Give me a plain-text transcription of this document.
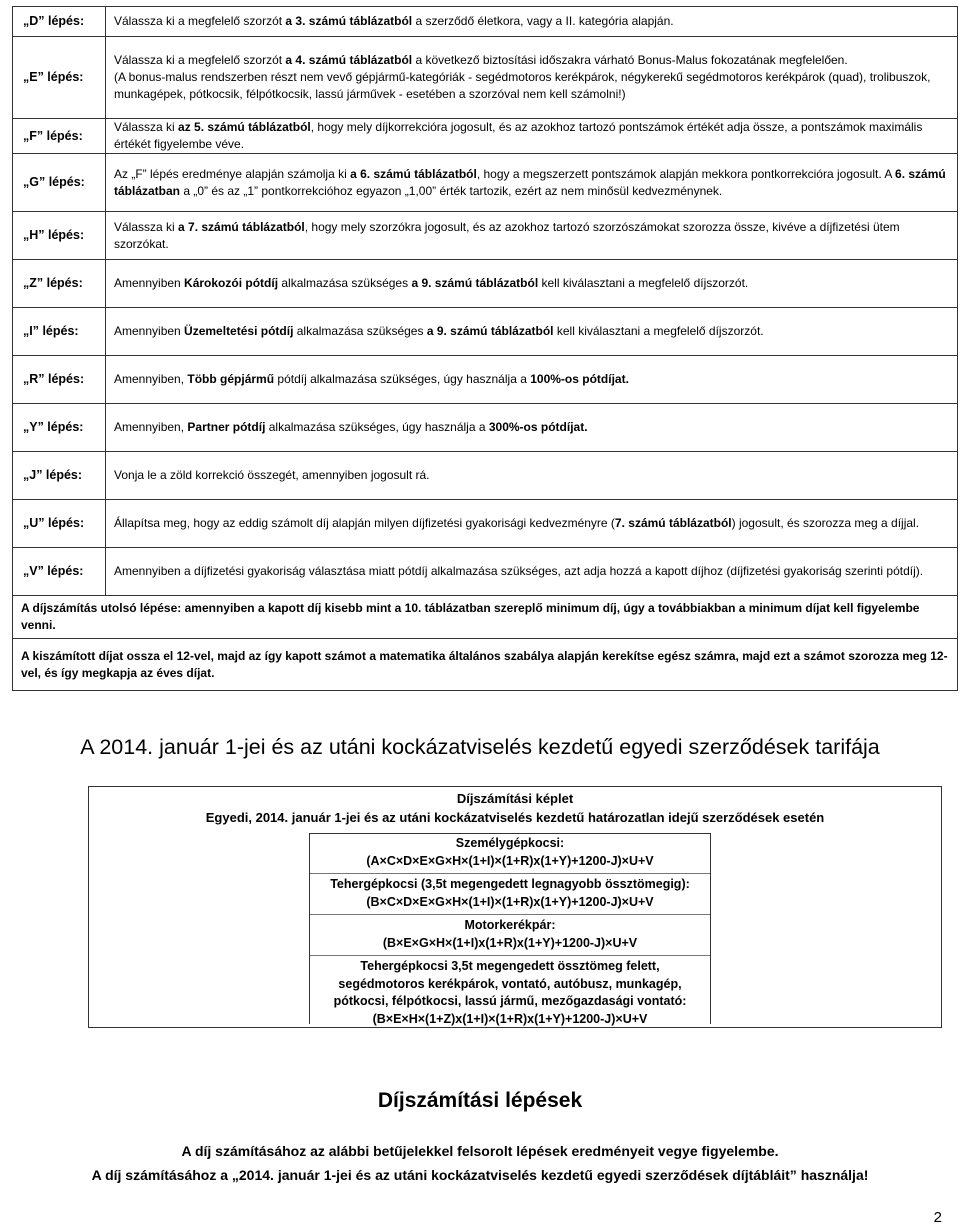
„D” lépés:	Válassza ki a megfelelő szorzót a 3. számú táblázatból a szerződő életkora, vagy a II. kategória alapján.
„E” lépés:	Válassza ki a megfelelő szorzót a 4. számú táblázatból a következő biztosítási időszakra várható Bonus-Malus fokozatának megfelelően.
(A bonus-malus rendszerben részt nem vevő gépjármű-kategóriák - segédmotoros kerékpárok, négykerekű segédmotoros kerékpárok (quad), trolibuszok, munkagépek, pótkocsik, félpótkocsik, lassú járművek - esetében a szorzóval nem kell számolni!)
„F” lépés:	Válassza ki az 5. számú táblázatból, hogy mely díjkorrekcióra jogosult, és az azokhoz tartozó pontszámok értékét adja össze, a pontszámok maximális értékét figyelembe véve.
„G” lépés:	Az „F” lépés eredménye alapján számolja ki a 6. számú táblázatból, hogy a megszerzett pontszámok alapján mekkora pontkorrekcióra jogosult. A 6. számú táblázatban a „0” és az „1” pontkorrekcióhoz egyazon „1,00” érték tartozik, ezért az nem minősül kedvezménynek.
„H” lépés:	Válassza ki a 7. számú táblázatból, hogy mely szorzókra jogosult, és az azokhoz tartozó szorzószámokat szorozza össze, kivéve a díjfizetési ütem szorzókat.
„Z” lépés:	Amennyiben Károkozói pótdíj alkalmazása szükséges a 9. számú táblázatból kell kiválasztani a megfelelő díjszorzót.
„I” lépés:	Amennyiben Üzemeltetési pótdíj alkalmazása szükséges a 9. számú táblázatból kell kiválasztani a megfelelő díjszorzót.
„R” lépés:	Amennyiben, Több gépjármű pótdíj alkalmazása szükséges, úgy használja a 100%-os pótdíjat.
„Y” lépés:	Amennyiben, Partner pótdíj alkalmazása szükséges, úgy használja a 300%-os pótdíjat.
„J” lépés:	Vonja le a zöld korrekció összegét, amennyiben jogosult rá.
„U” lépés:	Állapítsa meg, hogy az eddig számolt díj alapján milyen díjfizetési gyakorisági kedvezményre (7. számú táblázatból) jogosult, és szorozza meg a díjjal.
„V” lépés:	Amennyiben a díjfizetési gyakoriság választása miatt pótdíj alkalmazása szükséges, azt adja hozzá a kapott díjhoz (díjfizetési gyakoriság szerinti pótdíj).
A díjszámítás utolsó lépése: amennyiben a kapott díj kisebb mint a 10. táblázatban szereplő minimum díj, úgy a továbbiakban a minimum díjat kell figyelembe venni.	
A kiszámított díjat ossza el 12-vel, majd az így kapott számot a matematika általános szabálya alapján kerekítse egész számra, majd ezt a számot szorozza meg 12-vel, és így megkapja az éves díjat.	
A 2014. január 1-jei és az utáni kockázatviselés kezdetű egyedi szerződések tarifája
Díjszámítási képlet
Egyedi, 2014. január 1-jei és az utáni kockázatviselés kezdetű határozatlan idejű szerződések esetén
Személygépkocsi:
(A×C×D×E×G×H×(1+I)×(1+R)x(1+Y)+1200-J)×U+V
Tehergépkocsi (3,5t megengedett legnagyobb össztömegig):
(B×C×D×E×G×H×(1+I)×(1+R)x(1+Y)+1200-J)×U+V
Motorkerékpár:
(B×E×G×H×(1+I)x(1+R)x(1+Y)+1200-J)×U+V
Tehergépkocsi 3,5t megengedett össztömeg felett,
segédmotoros kerékpárok, vontató, autóbusz, munkagép,
pótkocsi, félpótkocsi, lassú jármű, mezőgazdasági vontató:
(B×E×H×(1+Z)x(1+I)×(1+R)x(1+Y)+1200-J)×U+V
Díjszámítási lépések
A díj számításához az alábbi betűjelekkel felsorolt lépések eredményeit vegye figyelembe.
A díj számításához a „2014. január 1-jei és az utáni kockázatviselés kezdetű egyedi szerződések díjtábláit” használja!
2
